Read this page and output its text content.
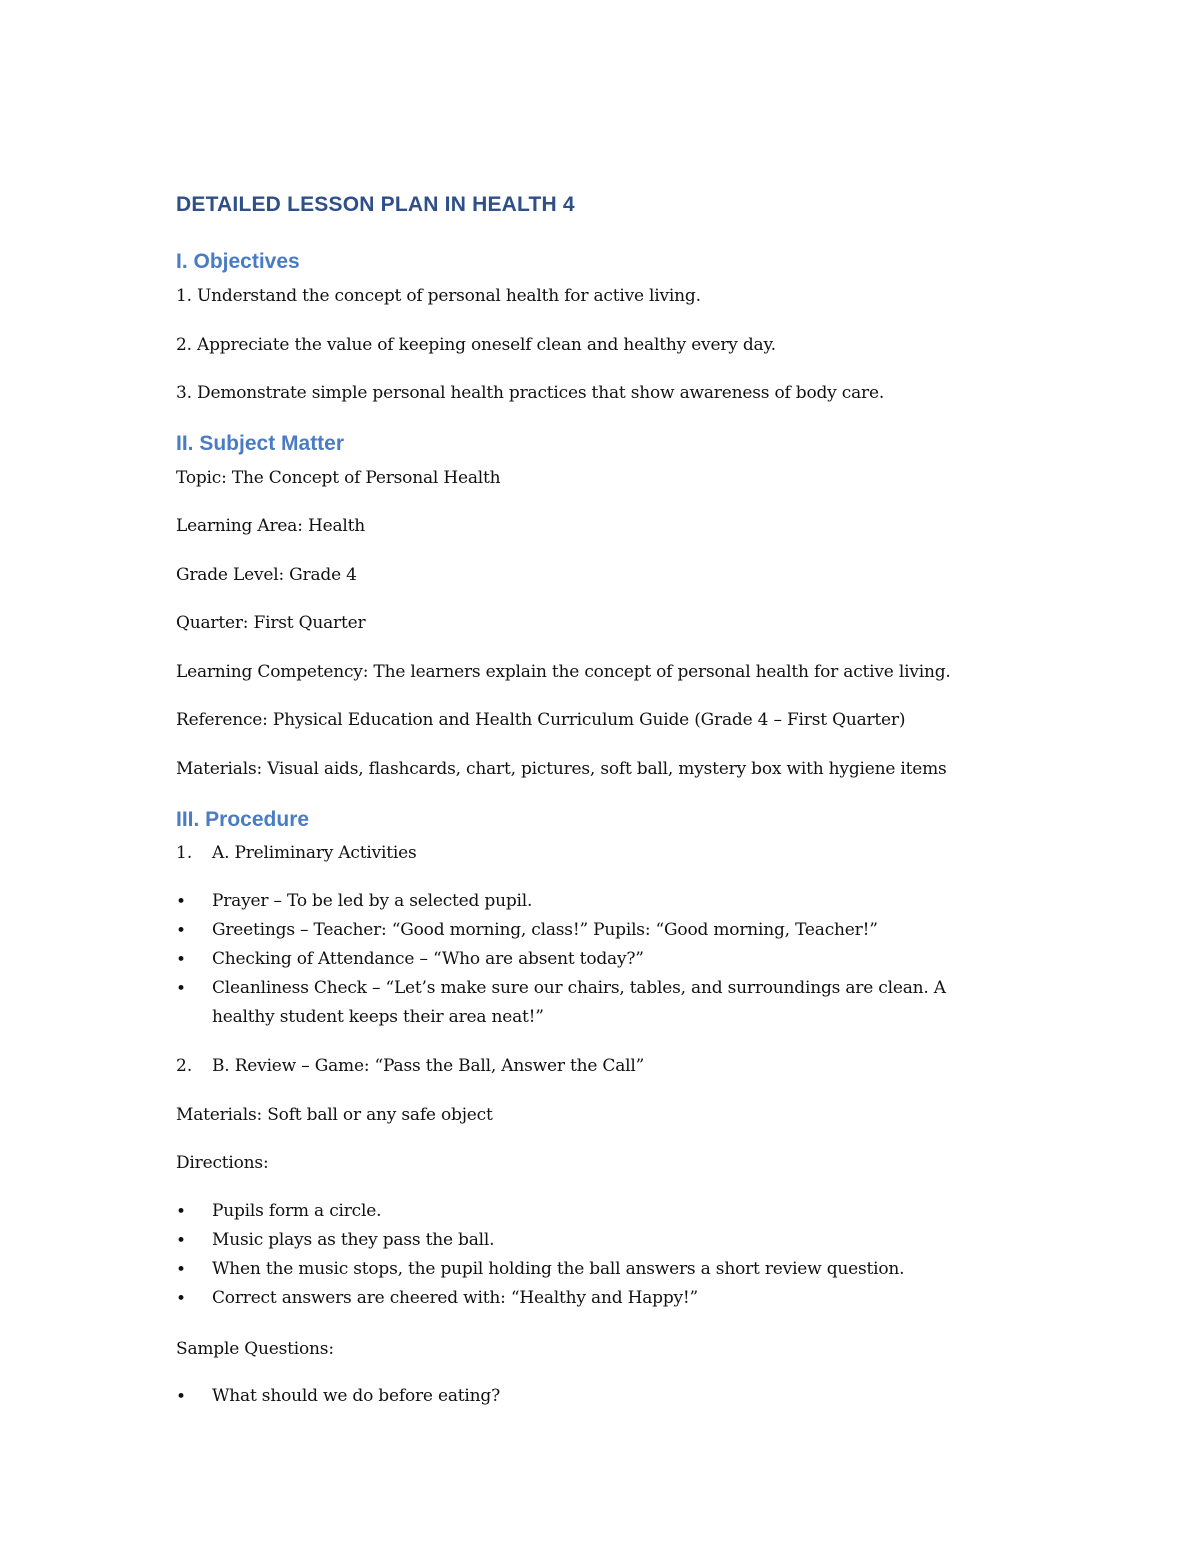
DETAILED LESSON PLAN IN HEALTH 4
I. Objectives
1. Understand the concept of personal health for active living.
2. Appreciate the value of keeping oneself clean and healthy every day.
3. Demonstrate simple personal health practices that show awareness of body care.
II. Subject Matter
Topic: The Concept of Personal Health
Learning Area: Health
Grade Level: Grade 4
Quarter: First Quarter
Learning Competency: The learners explain the concept of personal health for active living.
Reference: Physical Education and Health Curriculum Guide (Grade 4 – First Quarter)
Materials: Visual aids, flashcards, chart, pictures, soft ball, mystery box with hygiene items
III. Procedure
1. A. Preliminary Activities
•	Prayer – To be led by a selected pupil.
•	Greetings – Teacher: “Good morning, class!” Pupils: “Good morning, Teacher!”
•	Checking of Attendance – “Who are absent today?”
•	Cleanliness Check – “Let’s make sure our chairs, tables, and surroundings are clean. A healthy student keeps their area neat!”
2. B. Review – Game: “Pass the Ball, Answer the Call”
Materials: Soft ball or any safe object
Directions:
•	Pupils form a circle.
•	Music plays as they pass the ball.
•	When the music stops, the pupil holding the ball answers a short review question.
•	Correct answers are cheered with: “Healthy and Happy!”
Sample Questions:
•	What should we do before eating?
